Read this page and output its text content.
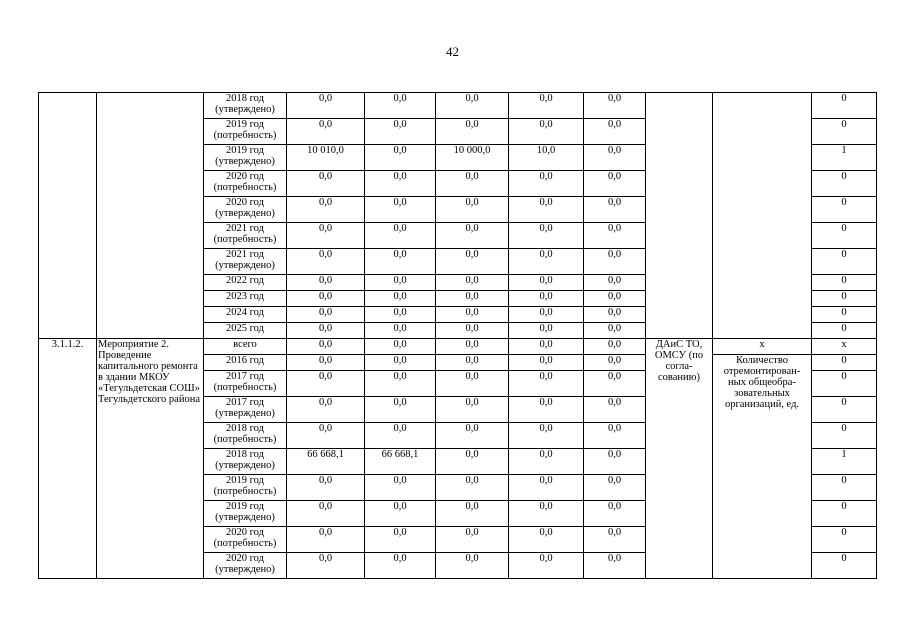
42
		2018 год (утверждено)	0,0	0,0	0,0	0,0	0,0			0
		2019 год (потребность)	0,0	0,0	0,0	0,0	0,0			0
		2019 год (утверждено)	10 010,0	0,0	10 000,0	10,0	0,0			1
		2020 год (потребность)	0,0	0,0	0,0	0,0	0,0			0
		2020 год (утверждено)	0,0	0,0	0,0	0,0	0,0			0
		2021 год (потребность)	0,0	0,0	0,0	0,0	0,0			0
		2021 год (утверждено)	0,0	0,0	0,0	0,0	0,0			0
		2022 год	0,0	0,0	0,0	0,0	0,0			0
		2023 год	0,0	0,0	0,0	0,0	0,0			0
		2024 год	0,0	0,0	0,0	0,0	0,0			0
		2025 год	0,0	0,0	0,0	0,0	0,0			0
3.1.1.2.	Мероприятие 2. Проведение капитального ремонта в здании МКОУ «Тегульдетская СОШ» Тегульдетского района	всего	0,0	0,0	0,0	0,0	0,0	ДАиС ТО, ОМСУ (по согла- сованию)	х	х
		2016 год	0,0	0,0	0,0	0,0	0,0		Количество отремонтирован- ных общеобра- зовательных организаций, ед.	0
		2017 год (потребность)	0,0	0,0	0,0	0,0	0,0			0
		2017 год (утверждено)	0,0	0,0	0,0	0,0	0,0			0
		2018 год (потребность)	0,0	0,0	0,0	0,0	0,0			0
		2018 год (утверждено)	66 668,1	66 668,1	0,0	0,0	0,0			1
		2019 год (потребность)	0,0	0,0	0,0	0,0	0,0			0
		2019 год (утверждено)	0,0	0,0	0,0	0,0	0,0			0
		2020 год (потребность)	0,0	0,0	0,0	0,0	0,0			0
		2020 год (утверждено)	0,0	0,0	0,0	0,0	0,0			0
